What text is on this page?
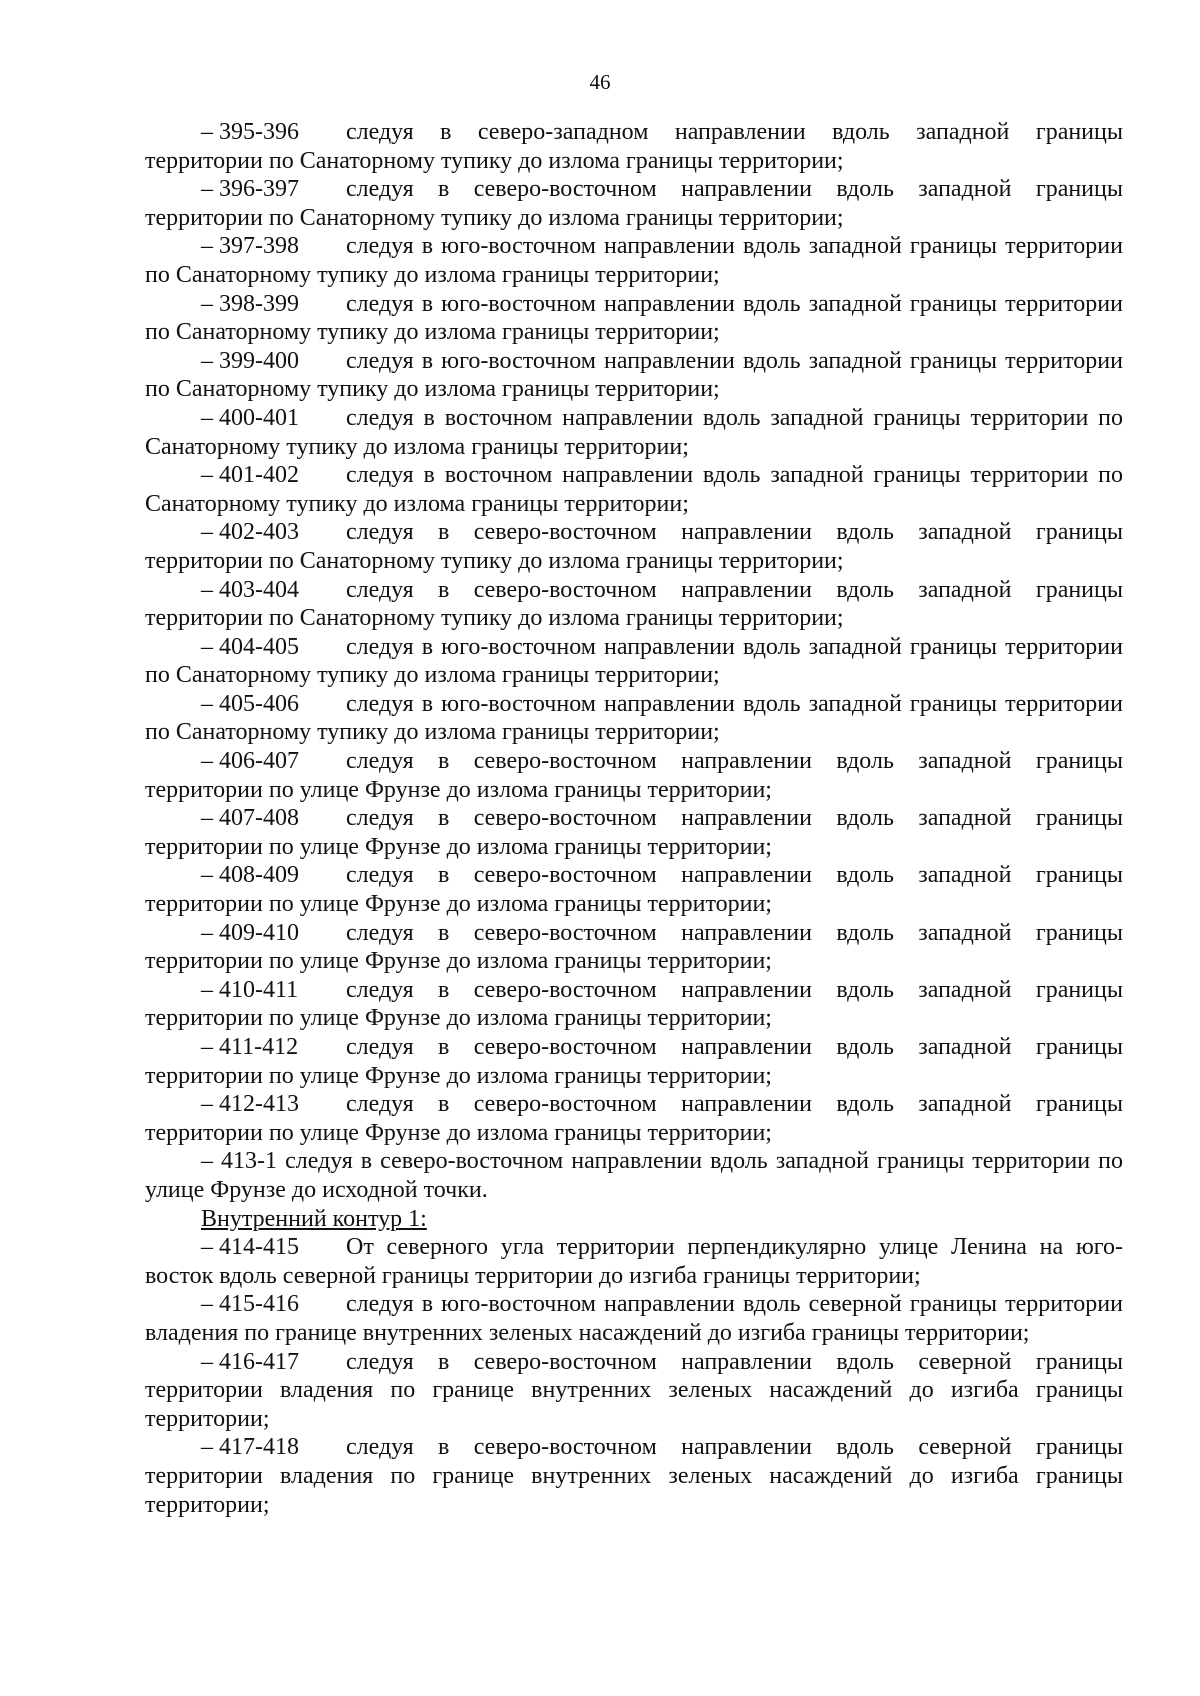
46

– 395-396 следуя в северо-западном направлении вдоль западной границы территории по Санаторному тупику до излома границы территории;

– 396-397 следуя в северо-восточном направлении вдоль западной границы территории по Санаторному тупику до излома границы территории;

– 397-398 следуя в юго-восточном направлении вдоль западной границы территории по Санаторному тупику до излома границы территории;

– 398-399 следуя в юго-восточном направлении вдоль западной границы территории по Санаторному тупику до излома границы территории;

– 399-400 следуя в юго-восточном направлении вдоль западной границы территории по Санаторному тупику до излома границы территории;

– 400-401 следуя в восточном направлении вдоль западной границы территории по Санаторному тупику до излома границы территории;

– 401-402 следуя в восточном направлении вдоль западной границы территории по Санаторному тупику до излома границы территории;

– 402-403 следуя в северо-восточном направлении вдоль западной границы территории по Санаторному тупику до излома границы территории;

– 403-404 следуя в северо-восточном направлении вдоль западной границы территории по Санаторному тупику до излома границы территории;

– 404-405 следуя в юго-восточном направлении вдоль западной границы территории по Санаторному тупику до излома границы территории;

– 405-406 следуя в юго-восточном направлении вдоль западной границы территории по Санаторному тупику до излома границы территории;

– 406-407 следуя в северо-восточном направлении вдоль западной границы территории по улице Фрунзе до излома границы территории;

– 407-408 следуя в северо-восточном направлении вдоль западной границы территории по улице Фрунзе до излома границы территории;

– 408-409 следуя в северо-восточном направлении вдоль западной границы территории по улице Фрунзе до излома границы территории;

– 409-410 следуя в северо-восточном направлении вдоль западной границы территории по улице Фрунзе до излома границы территории;

– 410-411 следуя в северо-восточном направлении вдоль западной границы территории по улице Фрунзе до излома границы территории;

– 411-412 следуя в северо-восточном направлении вдоль западной границы территории по улице Фрунзе до излома границы территории;

– 412-413 следуя в северо-восточном направлении вдоль западной границы территории по улице Фрунзе до излома границы территории;

– 413-1 следуя в северо-восточном направлении вдоль западной границы территории по улице Фрунзе до исходной точки.

Внутренний контур 1:

– 414-415 От северного угла территории перпендикулярно улице Ленина на юго-восток вдоль северной границы территории до изгиба границы территории;

– 415-416 следуя в юго-восточном направлении вдоль северной границы территории владения по границе внутренних зеленых насаждений до изгиба границы территории;

– 416-417 следуя в северо-восточном направлении вдоль северной границы территории владения по границе внутренних зеленых насаждений до изгиба границы территории;

– 417-418 следуя в северо-восточном направлении вдоль северной границы территории владения по границе внутренних зеленых насаждений до изгиба границы территории;
